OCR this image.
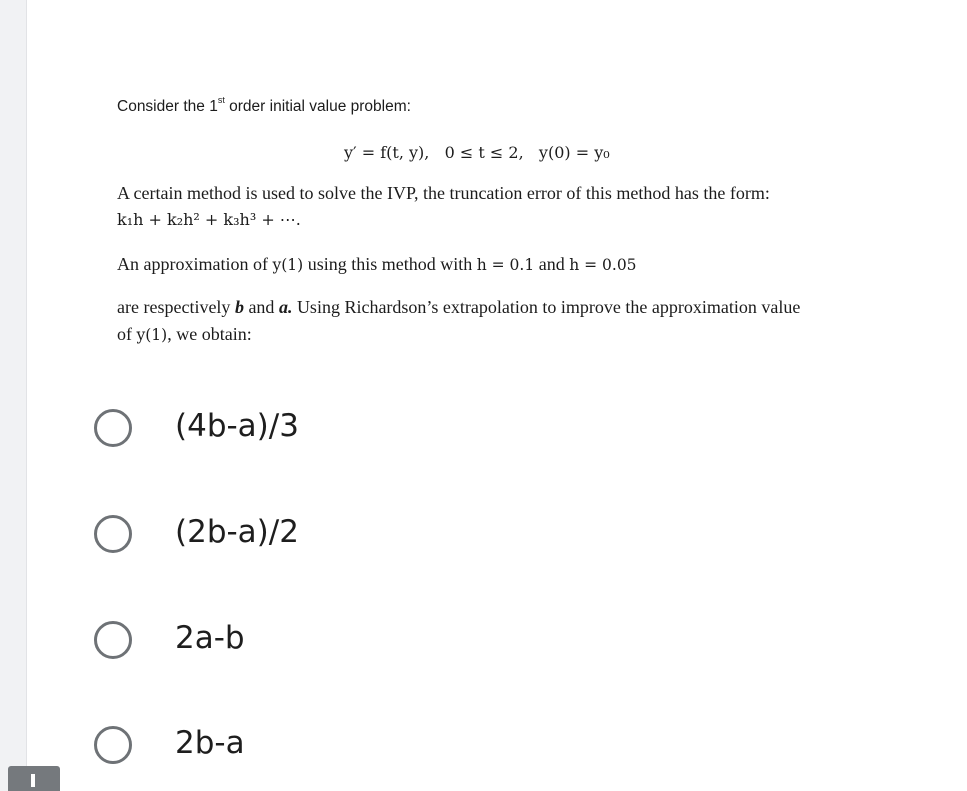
Consider the 1st order initial value problem:
y′ = f(t, y),   0 ≤ t ≤ 2,   y(0) = y₀
A certain method is used to solve the IVP, the truncation error of this method has the form:
k₁h + k₂h² + k₃h³ + ⋯.
An approximation of y(1) using this method with h = 0.1 and h = 0.05
are respectively b and a. Using Richardson’s extrapolation to improve the approximation value
of y(1), we obtain:
(4b-a)/3
(2b-a)/2
2a-b
2b-a
